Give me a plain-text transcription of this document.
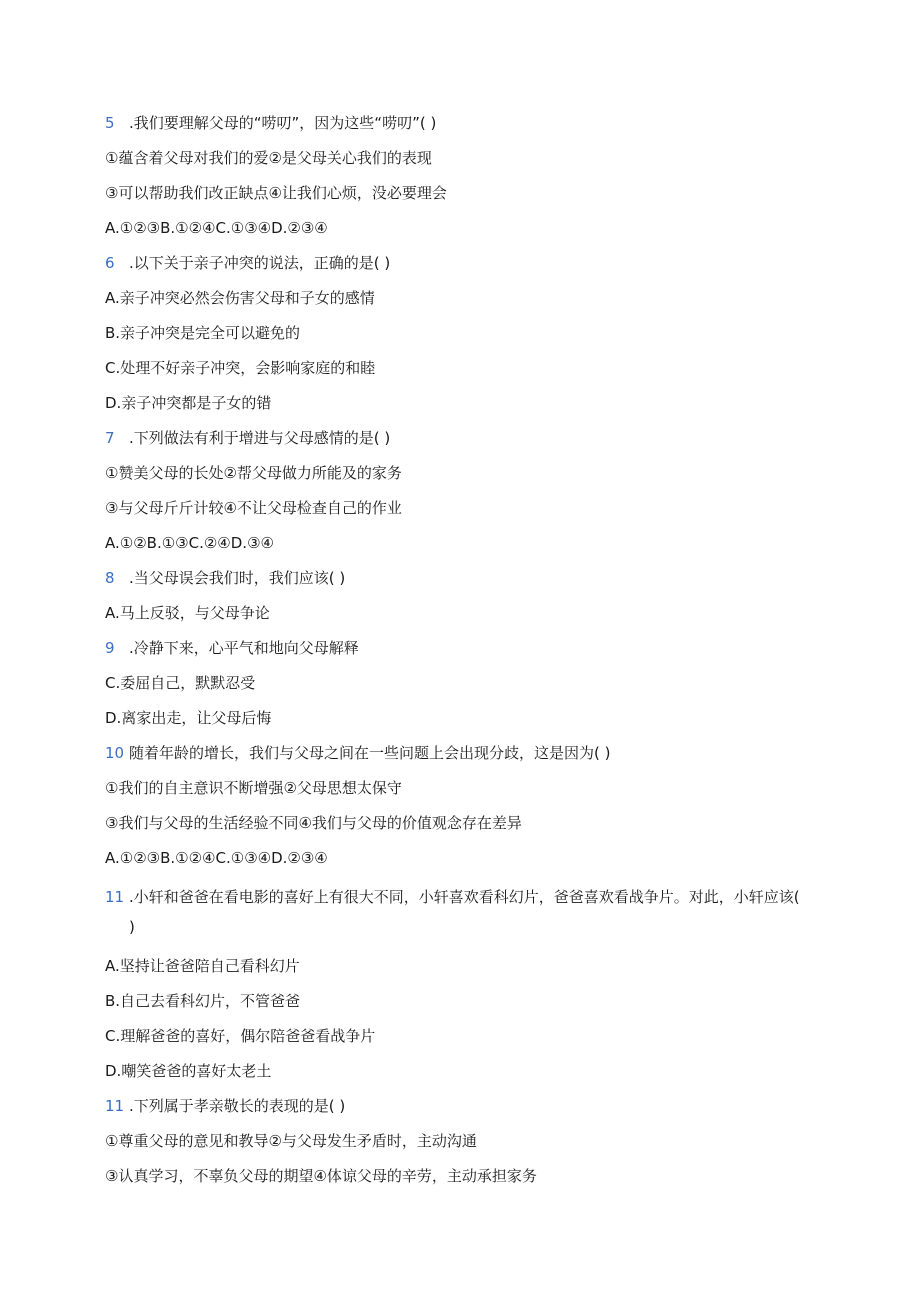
5 .我们要理解父母的“唠叨”，因为这些“唠叨”( )
①蕴含着父母对我们的爱②是父母关心我们的表现
③可以帮助我们改正缺点④让我们心烦，没必要理会
A.①②③B.①②④C.①③④D.②③④
6 .以下关于亲子冲突的说法，正确的是( )
A.亲子冲突必然会伤害父母和子女的感情
B.亲子冲突是完全可以避免的
C.处理不好亲子冲突，会影响家庭的和睦
D.亲子冲突都是子女的错
7 .下列做法有利于增进与父母感情的是( )
①赞美父母的长处②帮父母做力所能及的家务
③与父母斤斤计较④不让父母检查自己的作业
A.①②B.①③C.②④D.③④
8 .当父母误会我们时，我们应该( )
A.马上反驳，与父母争论
9 .冷静下来，心平气和地向父母解释
C.委屈自己，默默忍受
D.离家出走，让父母后悔
10 随着年龄的增长，我们与父母之间在一些问题上会出现分歧，这是因为( )
①我们的自主意识不断增强②父母思想太保守
③我们与父母的生活经验不同④我们与父母的价值观念存在差异
A.①②③B.①②④C.①③④D.②③④
11 .小轩和爸爸在看电影的喜好上有很大不同，小轩喜欢看科幻片，爸爸喜欢看战争片。对此，小轩应该( )
A.坚持让爸爸陪自己看科幻片
B.自己去看科幻片，不管爸爸
C.理解爸爸的喜好，偶尔陪爸爸看战争片
D.嘲笑爸爸的喜好太老土
11 .下列属于孝亲敬长的表现的是( )
①尊重父母的意见和教导②与父母发生矛盾时，主动沟通
③认真学习，不辜负父母的期望④体谅父母的辛劳，主动承担家务
